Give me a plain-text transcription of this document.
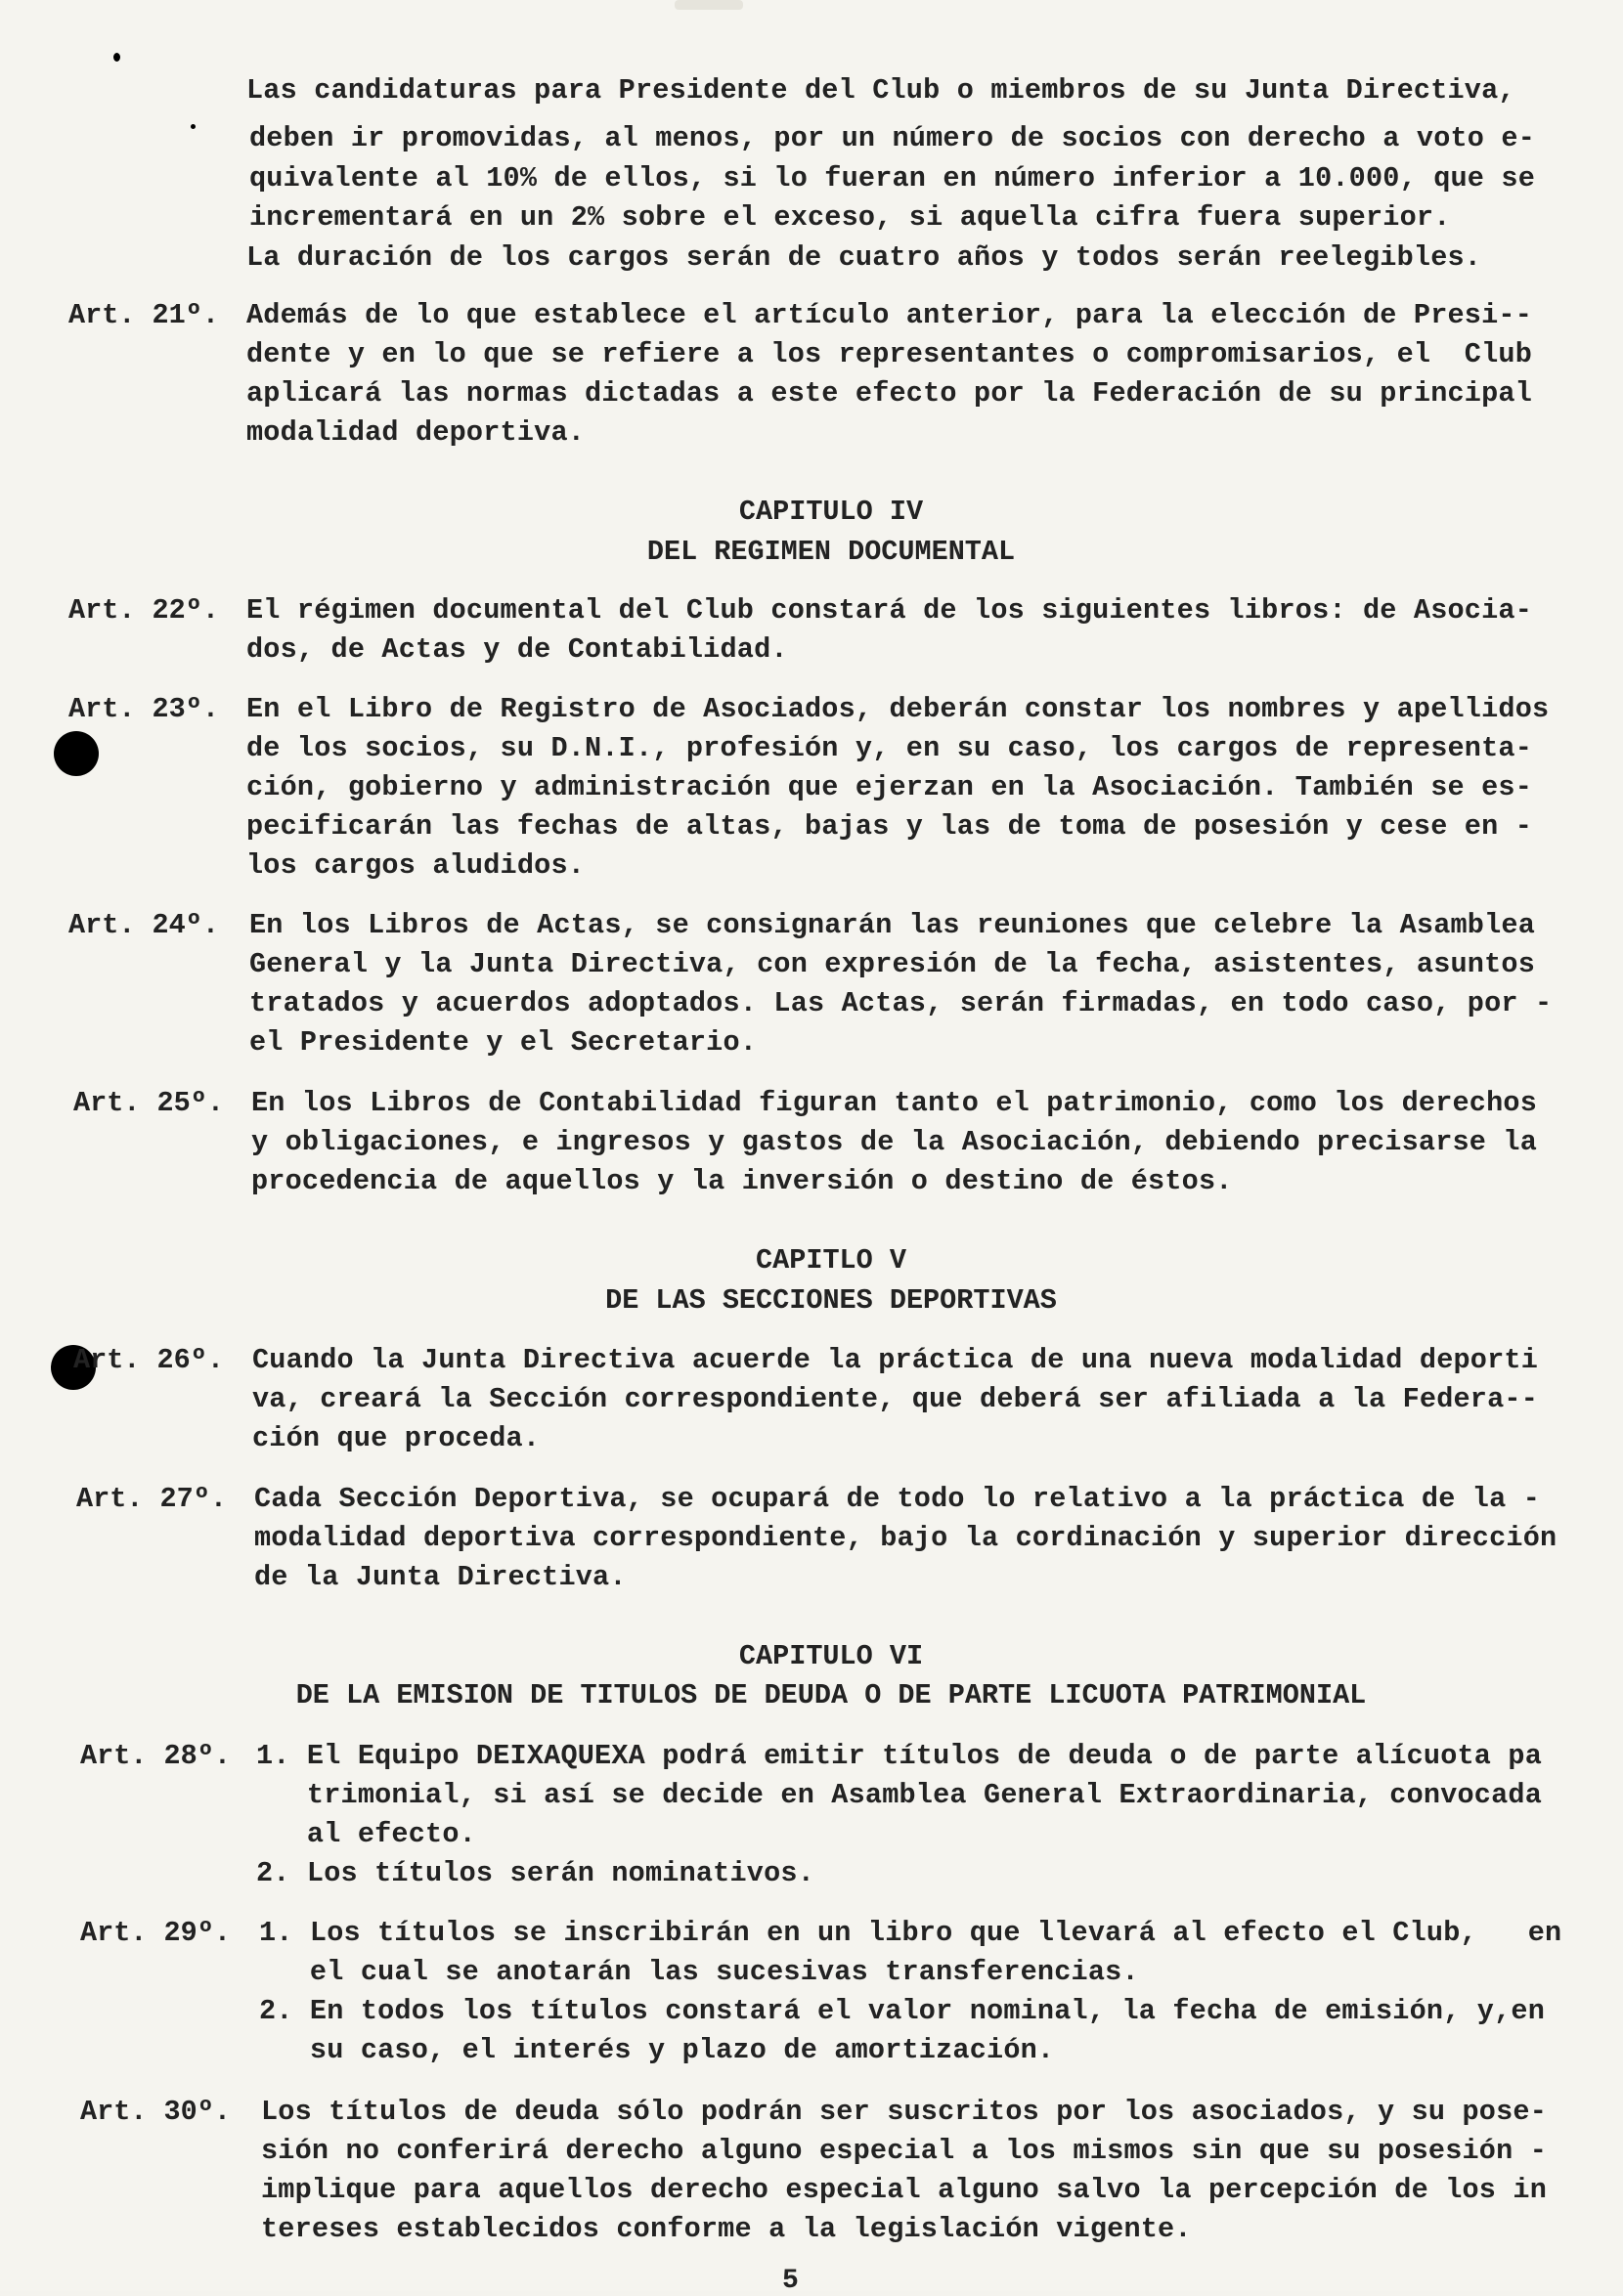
Las candidaturas para Presidente del Club o miembros de su Junta Directiva,
deben ir promovidas, al menos, por un número de socios con derecho a voto e-
quivalente al 10% de ellos, si lo fueran en número inferior a 10.000, que se
incrementará en un 2% sobre el exceso, si aquella cifra fuera superior.
La duración de los cargos serán de cuatro años y todos serán reelegibles.
Art. 21º. Además de lo que establece el artículo anterior, para la elección de Presi--
dente y en lo que se refiere a los representantes o compromisarios, el  Club
aplicará las normas dictadas a este efecto por la Federación de su principal
modalidad deportiva.
CAPITULO IV
DEL REGIMEN DOCUMENTAL
Art. 22º. El régimen documental del Club constará de los siguientes libros: de Asocia-
dos, de Actas y de Contabilidad.
Art. 23º. En el Libro de Registro de Asociados, deberán constar los nombres y apellidos
de los socios, su D.N.I., profesión y, en su caso, los cargos de representa-
ción, gobierno y administración que ejerzan en la Asociación. También se es-
pecificarán las fechas de altas, bajas y las de toma de posesión y cese en -
los cargos aludidos.
Art. 24º. En los Libros de Actas, se consignarán las reuniones que celebre la Asamblea
General y la Junta Directiva, con expresión de la fecha, asistentes, asuntos
tratados y acuerdos adoptados. Las Actas, serán firmadas, en todo caso, por -
el Presidente y el Secretario.
Art. 25º. En los Libros de Contabilidad figuran tanto el patrimonio, como los derechos
y obligaciones, e ingresos y gastos de la Asociación, debiendo precisarse la
procedencia de aquellos y la inversión o destino de éstos.
CAPITLO V
DE LAS SECCIONES DEPORTIVAS
Art. 26º. Cuando la Junta Directiva acuerde la práctica de una nueva modalidad deporti
va, creará la Sección correspondiente, que deberá ser afiliada a la Federa--
ción que proceda.
Art. 27º. Cada Sección Deportiva, se ocupará de todo lo relativo a la práctica de la -
modalidad deportiva correspondiente, bajo la cordinación y superior dirección
de la Junta Directiva.
CAPITULO VI
DE LA EMISION DE TITULOS DE DEUDA O DE PARTE LICUOTA PATRIMONIAL
Art. 28º. 1. El Equipo DEIXAQUEXA podrá emitir títulos de deuda o de parte alícuota pa
trimonial, si así se decide en Asamblea General Extraordinaria, convocada
al efecto.
2. Los títulos serán nominativos.
Art. 29º. 1. Los títulos se inscribirán en un libro que llevará al efecto el Club,   en
el cual se anotarán las sucesivas transferencias.
2. En todos los títulos constará el valor nominal, la fecha de emisión, y,en
su caso, el interés y plazo de amortización.
Art. 30º. Los títulos de deuda sólo podrán ser suscritos por los asociados, y su pose-
sión no conferirá derecho alguno especial a los mismos sin que su posesión -
implique para aquellos derecho especial alguno salvo la percepción de los in
tereses establecidos conforme a la legislación vigente.
5
